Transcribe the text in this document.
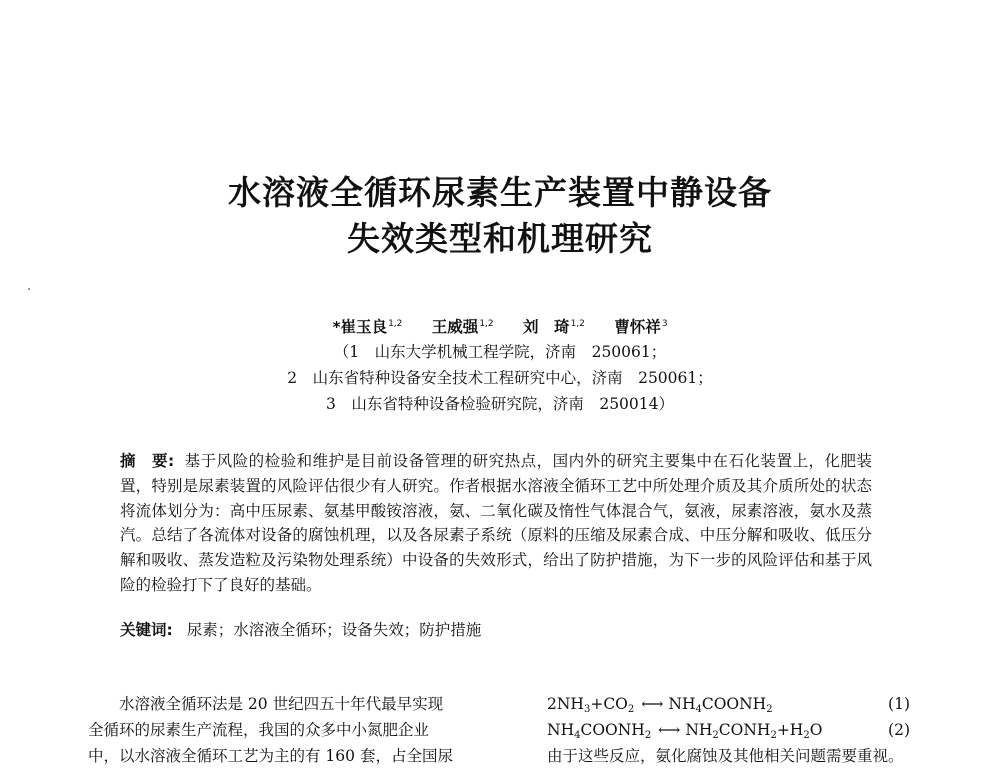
水溶液全循环尿素生产装置中静设备
失效类型和机理研究
*崔玉良$^{1,2}$ 王威强$^{1,2}$ 刘　琦$^{1,2}$ 曹怀祥$^3$
（1　山东大学机械工程学院，济南　250061；
2　山东省特种设备安全技术工程研究中心，济南　250061；
3　山东省特种设备检验研究院，济南　250014）
摘　要: 基于风险的检验和维护是目前设备管理的研究热点，国内外的研究主要集中在石化装置上，化肥装置，特别是尿素装置的风险评估很少有人研究。作者根据水溶液全循环工艺中所处理介质及其介质所处的状态将流体划分为：高中压尿素、氨基甲酸铵溶液，氨、二氧化碳及惰性气体混合气，氨液，尿素溶液，氨水及蒸汽。总结了各流体对设备的腐蚀机理，以及各尿素子系统（原料的压缩及尿素合成、中压分解和吸收、低压分解和吸收、蒸发造粒及污染物处理系统）中设备的失效形式，给出了防护措施，为下一步的风险评估和基于风险的检验打下了良好的基础。
关键词: 尿素；水溶液全循环；设备失效；防护措施
水溶液全循环法是 20 世纪四五十年代最早实现
全循环的尿素生产流程，我国的众多中小氮肥企业
中，以水溶液全循环工艺为主的有 160 套，占全国尿
$2NH_3+CO_2$ ⟷ $NH_4COONH_2$	(1)
$NH_4COONH_2$ ⟷ $NH_2CONH_2+H_2O$	(2)
由于这些反应，氨化腐蚀及其他相关问题需要重视。
